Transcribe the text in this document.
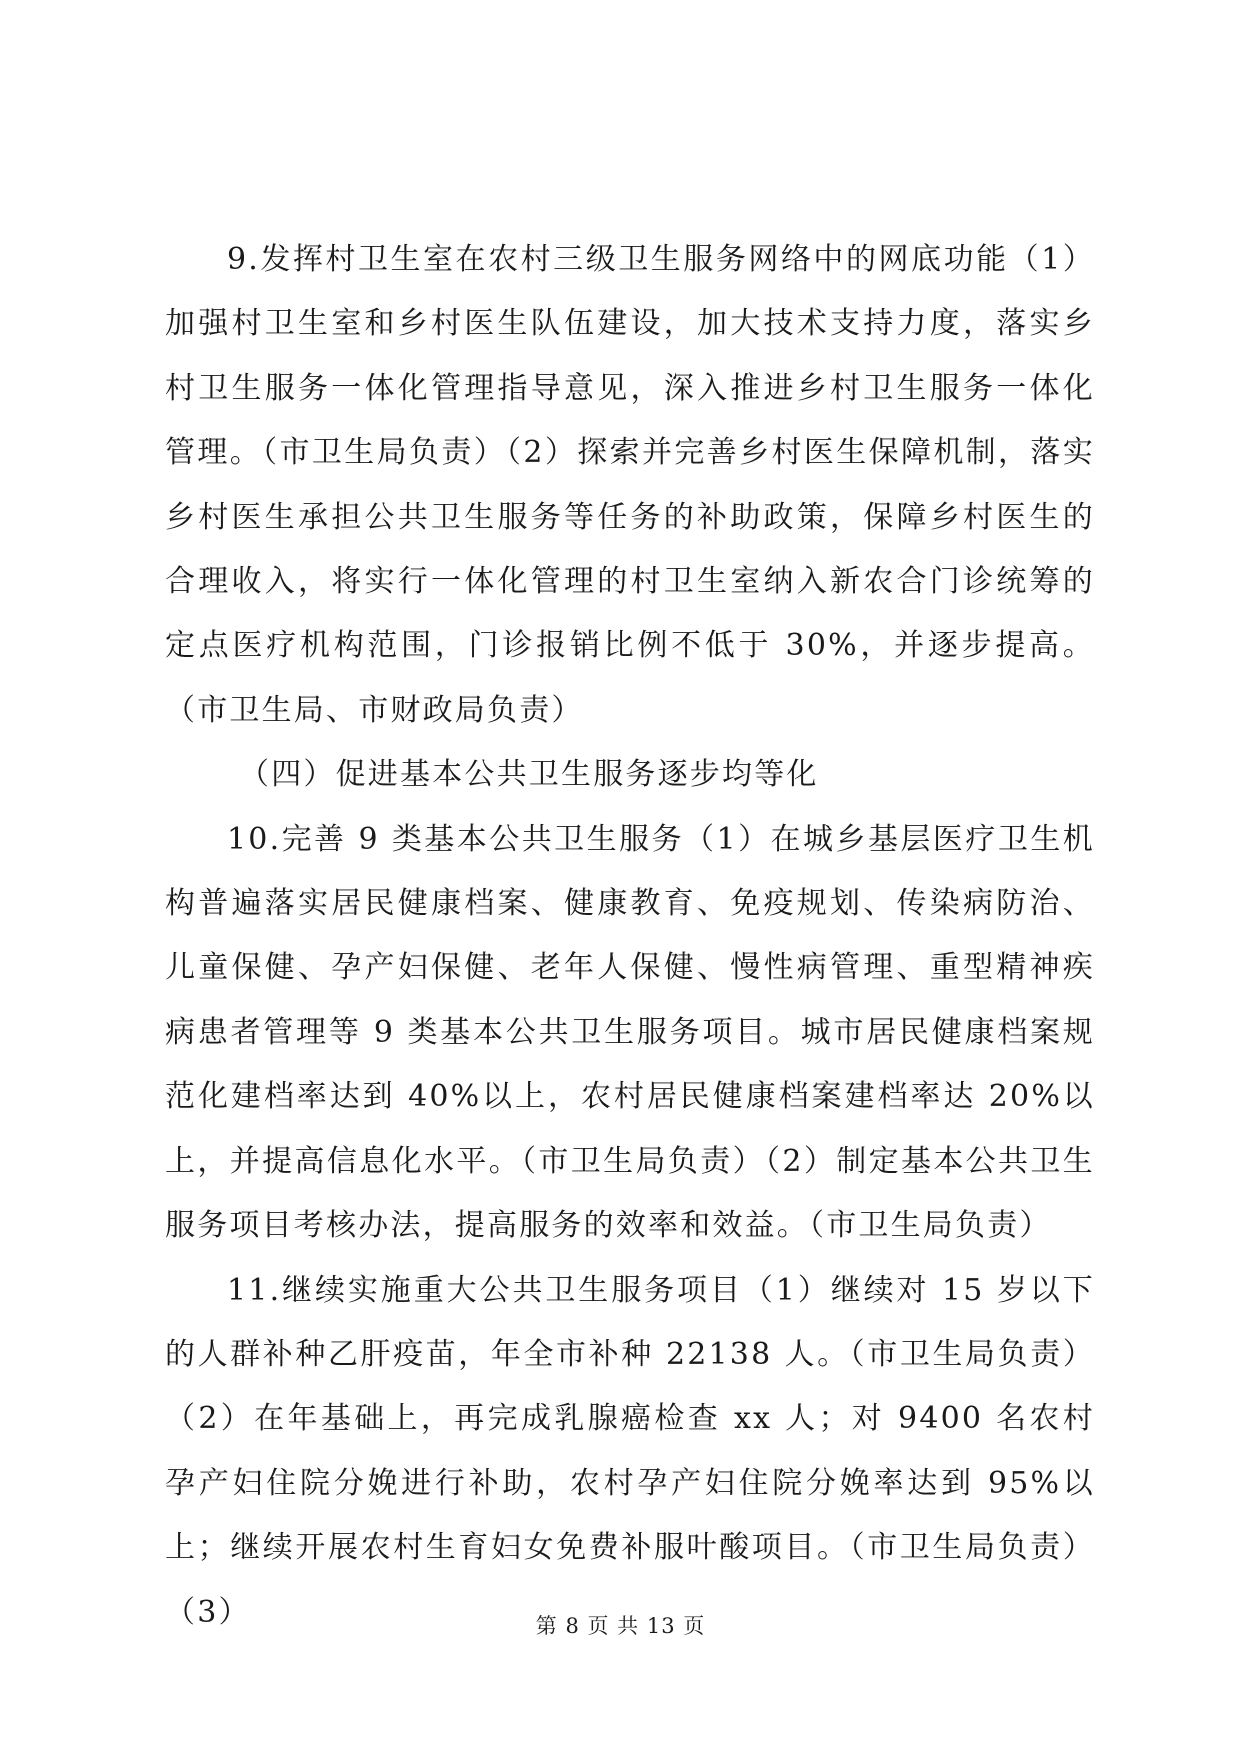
9.发挥村卫生室在农村三级卫生服务网络中的网底功能（1）加强村卫生室和乡村医生队伍建设，加大技术支持力度，落实乡村卫生服务一体化管理指导意见，深入推进乡村卫生服务一体化管理。（市卫生局负责）（2）探索并完善乡村医生保障机制，落实乡村医生承担公共卫生服务等任务的补助政策，保障乡村医生的合理收入，将实行一体化管理的村卫生室纳入新农合门诊统筹的定点医疗机构范围，门诊报销比例不低于 30%，并逐步提高。（市卫生局、市财政局负责）

（四）促进基本公共卫生服务逐步均等化

10.完善 9 类基本公共卫生服务（1）在城乡基层医疗卫生机构普遍落实居民健康档案、健康教育、免疫规划、传染病防治、儿童保健、孕产妇保健、老年人保健、慢性病管理、重型精神疾病患者管理等 9 类基本公共卫生服务项目。城市居民健康档案规范化建档率达到 40%以上，农村居民健康档案建档率达 20%以上，并提高信息化水平。（市卫生局负责）（2）制定基本公共卫生服务项目考核办法，提高服务的效率和效益。（市卫生局负责）

11.继续实施重大公共卫生服务项目（1）继续对 15 岁以下的人群补种乙肝疫苗，年全市补种 22138 人。（市卫生局负责）（2）在年基础上，再完成乳腺癌检查 xx 人；对 9400 名农村孕产妇住院分娩进行补助，农村孕产妇住院分娩率达到 95%以上；继续开展农村生育妇女免费补服叶酸项目。（市卫生局负责）（3）	第 8 页 共 13 页
